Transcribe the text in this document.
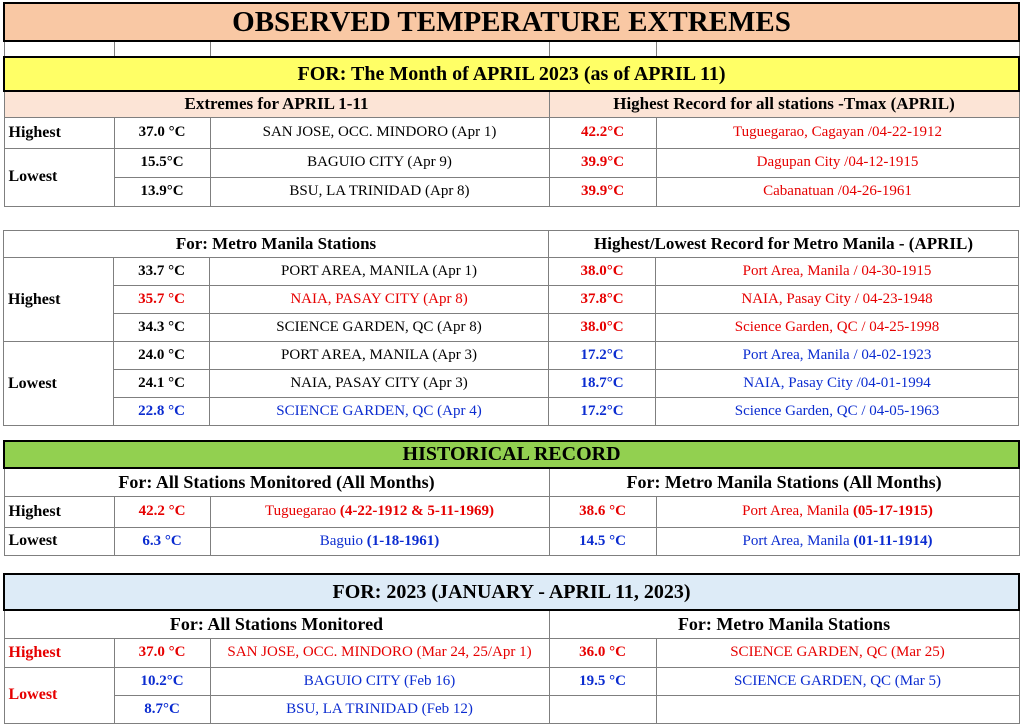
OBSERVED TEMPERATURE EXTREMES				

FOR: The Month of APRIL 2023 (as of APRIL 11)				
Extremes for APRIL 1-11			Highest Record for all stations -Tmax (APRIL)	
Highest	37.0 °C	SAN JOSE, OCC. MINDORO (Apr 1)	42.2°C	Tuguegarao, Cagayan /04-22-1912
Lowest	15.5°C	BAGUIO CITY (Apr 9)	39.9°C	Dagupan City /04-12-1915
	13.9°C	BSU, LA TRINIDAD (Apr 8)	39.9°C	Cabanatuan /04-26-1961
For: Metro Manila Stations			Highest/Lowest Record for Metro Manila - (APRIL)	
Highest	33.7 °C	PORT AREA, MANILA (Apr 1)	38.0°C	Port Area, Manila / 04-30-1915
	35.7 °C	NAIA, PASAY CITY (Apr 8)	37.8°C	NAIA, Pasay City / 04-23-1948
	34.3 °C	SCIENCE GARDEN, QC (Apr 8)	38.0°C	Science Garden, QC / 04-25-1998
Lowest	24.0 °C	PORT AREA, MANILA (Apr 3)	17.2°C	Port Area, Manila / 04-02-1923
	24.1 °C	NAIA, PASAY CITY (Apr 3)	18.7°C	NAIA, Pasay City /04-01-1994
	22.8 °C	SCIENCE GARDEN, QC (Apr 4)	17.2°C	Science Garden, QC / 04-05-1963
HISTORICAL RECORD				
For: All Stations Monitored (All Months)			For: Metro Manila Stations (All Months)	
Highest	42.2 °C	Tuguegarao (4-22-1912 & 5-11-1969)	38.6 °C	Port Area, Manila (05-17-1915)
Lowest	6.3 °C	Baguio (1-18-1961)	14.5 °C	Port Area, Manila (01-11-1914)
FOR: 2023 (JANUARY - APRIL 11, 2023)				
For: All Stations Monitored			For: Metro Manila Stations	
Highest	37.0 °C	SAN JOSE, OCC. MINDORO (Mar 24, 25/Apr 1)	36.0 °C	SCIENCE GARDEN, QC (Mar 25)
Lowest	10.2°C	BAGUIO CITY (Feb 16)	19.5 °C	SCIENCE GARDEN, QC (Mar 5)
	8.7°C	BSU, LA TRINIDAD (Feb 12)		
